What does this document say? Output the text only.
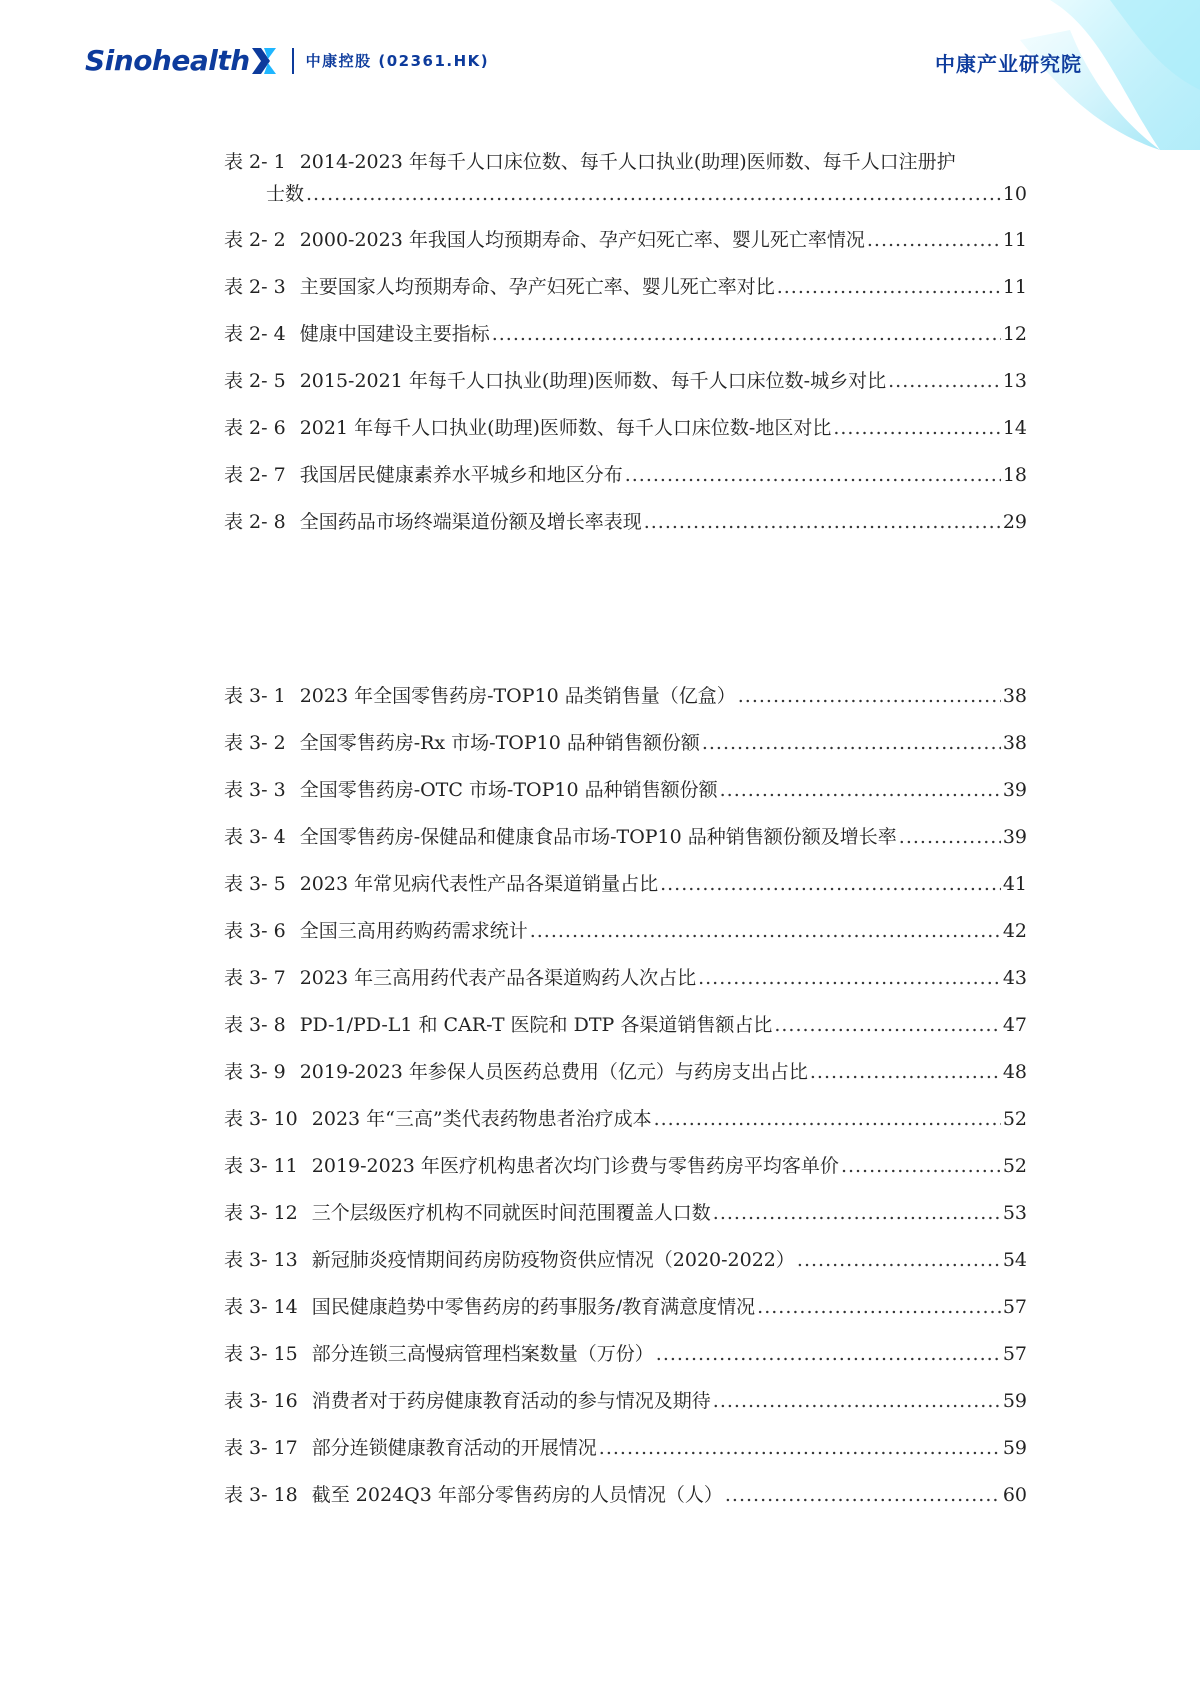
Sinohealth	中康控股 (02361.HK)	中康产业研究院
表 2- 1 2014-2023 年每千人口床位数、每千人口执业(助理)医师数、每千人口注册护
士数 .....	10
表 2- 2 2000-2023 年我国人均预期寿命、孕产妇死亡率、婴儿死亡率情况 .....	11
表 2- 3 主要国家人均预期寿命、孕产妇死亡率、婴儿死亡率对比 .....	11
表 2- 4 健康中国建设主要指标 .....	12
表 2- 5 2015-2021 年每千人口执业(助理)医师数、每千人口床位数-城乡对比 .....	13
表 2- 6 2021 年每千人口执业(助理)医师数、每千人口床位数-地区对比 .....	14
表 2- 7 我国居民健康素养水平城乡和地区分布 .....	18
表 2- 8 全国药品市场终端渠道份额及增长率表现 .....	29
表 3- 1 2023 年全国零售药房-TOP10 品类销售量（亿盒） .....	38
表 3- 2 全国零售药房-Rx 市场-TOP10 品种销售额份额 .....	38
表 3- 3 全国零售药房-OTC 市场-TOP10 品种销售额份额 .....	39
表 3- 4 全国零售药房-保健品和健康食品市场-TOP10 品种销售额份额及增长率 .....	39
表 3- 5 2023 年常见病代表性产品各渠道销量占比 .....	41
表 3- 6 全国三高用药购药需求统计 .....	42
表 3- 7 2023 年三高用药代表产品各渠道购药人次占比 .....	43
表 3- 8 PD-1/PD-L1 和 CAR-T 医院和 DTP 各渠道销售额占比 .....	47
表 3- 9 2019-2023 年参保人员医药总费用（亿元）与药房支出占比 .....	48
表 3- 10 2023 年“三高”类代表药物患者治疗成本 .....	52
表 3- 11 2019-2023 年医疗机构患者次均门诊费与零售药房平均客单价 .....	52
表 3- 12 三个层级医疗机构不同就医时间范围覆盖人口数 .....	53
表 3- 13 新冠肺炎疫情期间药房防疫物资供应情况（2020-2022） .....	54
表 3- 14 国民健康趋势中零售药房的药事服务/教育满意度情况 .....	57
表 3- 15 部分连锁三高慢病管理档案数量（万份） .....	57
表 3- 16 消费者对于药房健康教育活动的参与情况及期待 .....	59
表 3- 17 部分连锁健康教育活动的开展情况 .....	59
表 3- 18 截至 2024Q3 年部分零售药房的人员情况（人） .....	60
